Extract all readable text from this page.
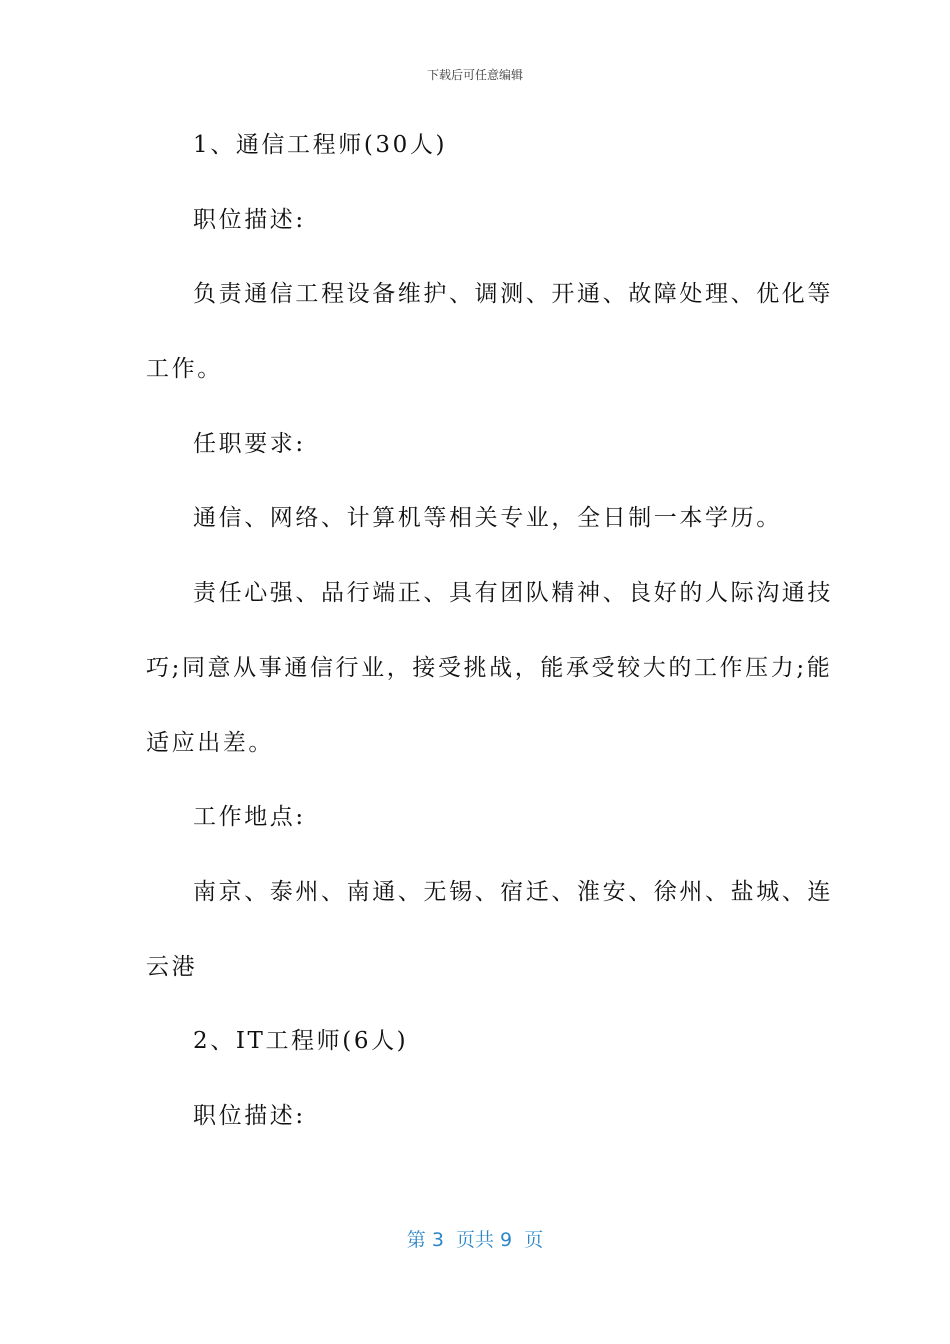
下载后可任意编辑
1、通信工程师(30人)
职位描述:
负责通信工程设备维护、调测、开通、故障处理、优化等
工作。
任职要求:
通信、网络、计算机等相关专业，全日制一本学历。
责任心强、品行端正、具有团队精神、良好的人际沟通技
巧;同意从事通信行业，接受挑战，能承受较大的工作压力;能
适应出差。
工作地点:
南京、泰州、南通、无锡、宿迁、淮安、徐州、盐城、连
云港
2、IT工程师(6人)
职位描述:
第 3  页共 9  页
